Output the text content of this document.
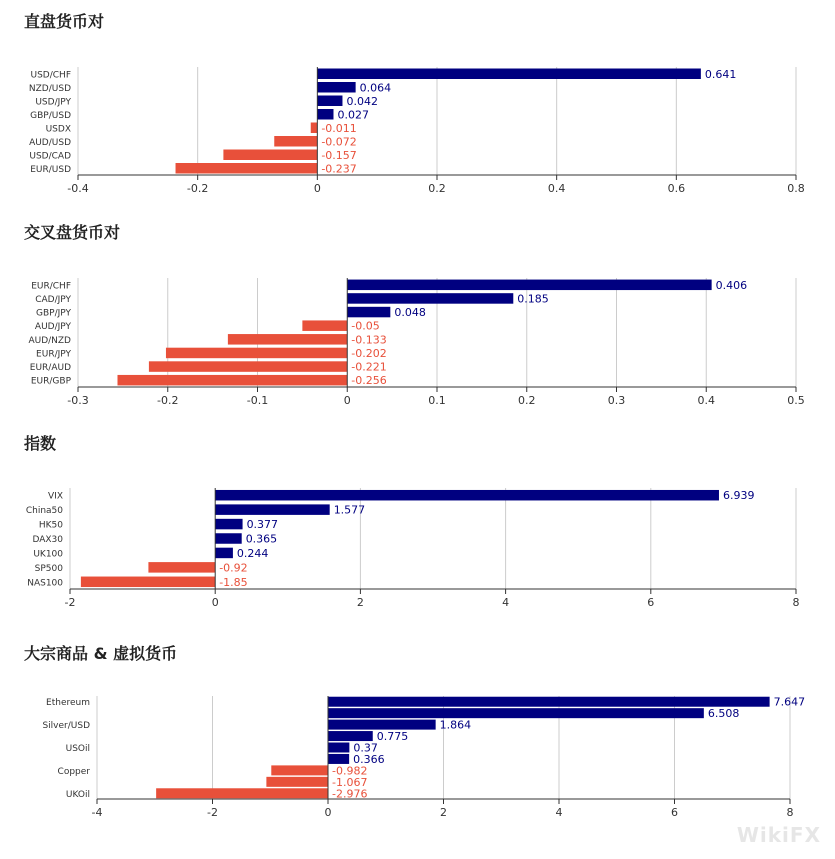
直盘货币对
-0.4	-0.2	0	0.2	0.4	0.6	0.8
0.641
USD/CHF
0.064
NZD/USD
0.042
USD/JPY
0.027
GBP/USD
-0.011
USDX
-0.072
AUD/USD
-0.157
USD/CAD
-0.237
EUR/USD
交叉盘货币对
-0.3	-0.2	-0.1	0	0.1	0.2	0.3	0.4	0.5
0.406
EUR/CHF
0.185
CAD/JPY
0.048
GBP/JPY
-0.05
AUD/JPY
-0.133
AUD/NZD
-0.202
EUR/JPY
-0.221
EUR/AUD
-0.256
EUR/GBP
指数
-2	0	2	4	6	8
6.939
VIX
1.577
China50
0.377
HK50
0.365
DAX30
0.244
UK100
-0.92
SP500
-1.85
NAS100
大宗商品 & 虚拟货币
-4	-2	0	2	4	6	8
7.647
Ethereum
6.508
1.864
Silver/USD
0.775
0.37
USOil
0.366
-0.982
Copper
-1.067
-2.976
UKOil
WikiFX
